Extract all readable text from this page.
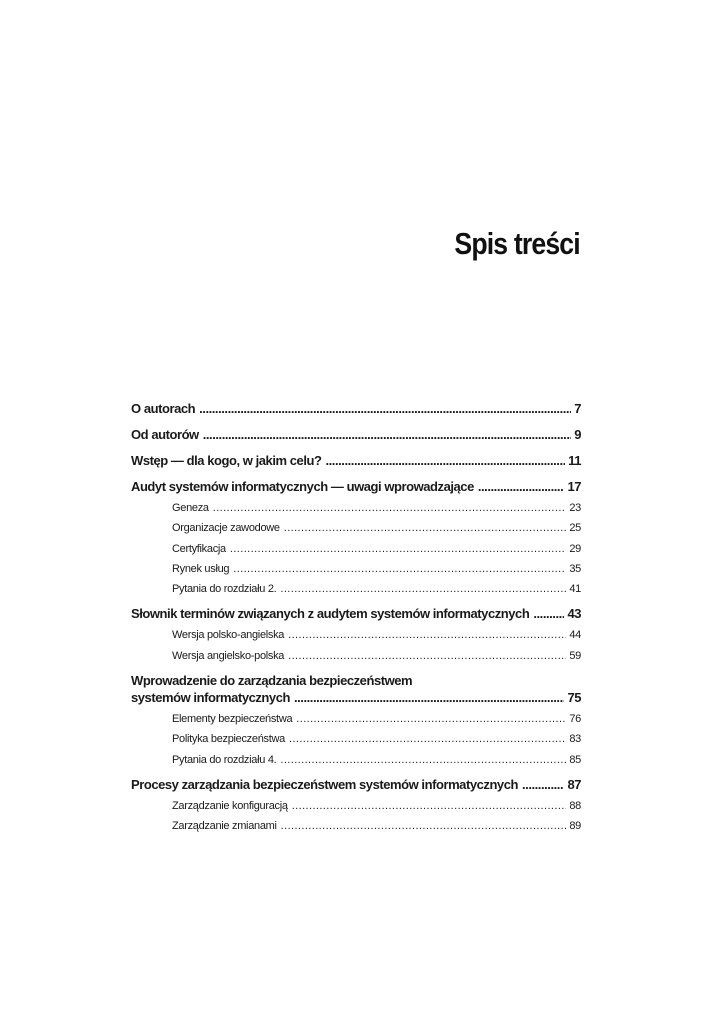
Spis treści
O autorach .....	7
Od autorów .....	9
Wstęp — dla kogo, w jakim celu? .....	11
Audyt systemów informatycznych — uwagi wprowadzające .....	17
Geneza .....	23
Organizacje zawodowe .....	25
Certyfikacja .....	29
Rynek usług .....	35
Pytania do rozdziału 2. .....	41
Słownik terminów związanych z audytem systemów informatycznych .....	43
Wersja polsko-angielska .....	44
Wersja angielsko-polska .....	59
Wprowadzenie do zarządzania bezpieczeństwem
systemów informatycznych .....	75
Elementy bezpieczeństwa .....	76
Polityka bezpieczeństwa .....	83
Pytania do rozdziału 4. .....	85
Procesy zarządzania bezpieczeństwem systemów informatycznych .....	87
Zarządzanie konfiguracją .....	88
Zarządzanie zmianami .....	89
